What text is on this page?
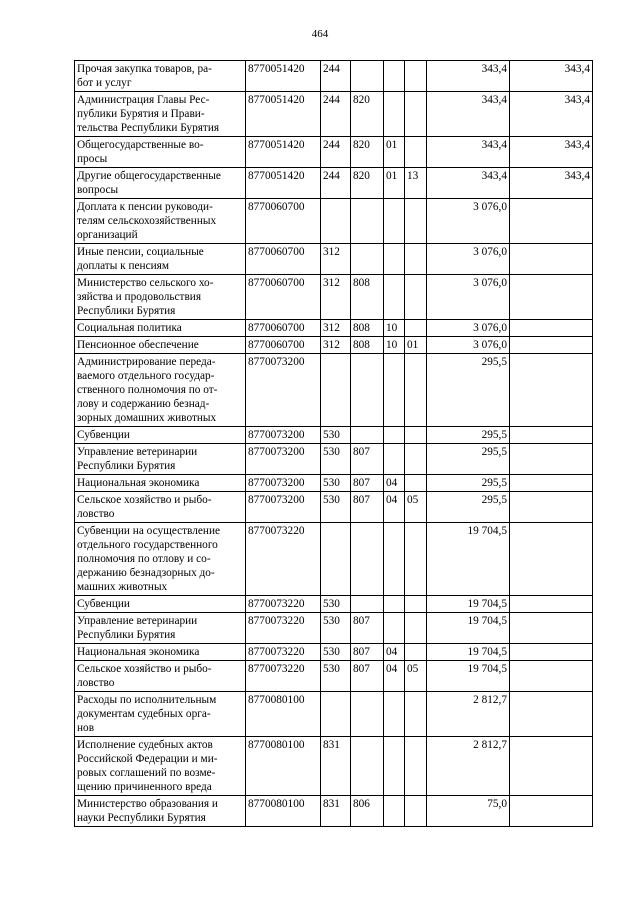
464
Прочая закупка товаров, ра-
бот и услуг	8770051420	244				343,4	343,4
Администрация Главы Рес-
публики Бурятия и Прави-
тельства Республики Бурятия	8770051420	244	820			343,4	343,4
Общегосударственные во-
просы	8770051420	244	820	01		343,4	343,4
Другие общегосударственные
вопросы	8770051420	244	820	01	13	343,4	343,4
Доплата к пенсии руководи-
телям сельскохозяйственных
организаций	8770060700					3 076,0	
Иные пенсии, социальные
доплаты к пенсиям	8770060700	312				3 076,0	
Министерство сельского хо-
зяйства и продовольствия
Республики Бурятия	8770060700	312	808			3 076,0	
Социальная политика	8770060700	312	808	10		3 076,0	
Пенсионное обеспечение	8770060700	312	808	10	01	3 076,0	
Администрирование переда-
ваемого отдельного государ-
ственного полномочия по от-
лову и содержанию безнад-
зорных домашних животных	8770073200					295,5	
Субвенции	8770073200	530				295,5	
Управление ветеринарии
Республики Бурятия	8770073200	530	807			295,5	
Национальная экономика	8770073200	530	807	04		295,5	
Сельское хозяйство и рыбо-
ловство	8770073200	530	807	04	05	295,5	
Субвенции на осуществление
отдельного государственного
полномочия по отлову и со-
держанию безнадзорных до-
машних животных	8770073220					19 704,5	
Субвенции	8770073220	530				19 704,5	
Управление ветеринарии
Республики Бурятия	8770073220	530	807			19 704,5	
Национальная экономика	8770073220	530	807	04		19 704,5	
Сельское хозяйство и рыбо-
ловство	8770073220	530	807	04	05	19 704,5	
Расходы по исполнительным
документам судебных орга-
нов	8770080100					2 812,7	
Исполнение судебных актов
Российской Федерации и ми-
ровых соглашений по возме-
щению причиненного вреда	8770080100	831				2 812,7	
Министерство образования и
науки Республики Бурятия	8770080100	831	806			75,0	
